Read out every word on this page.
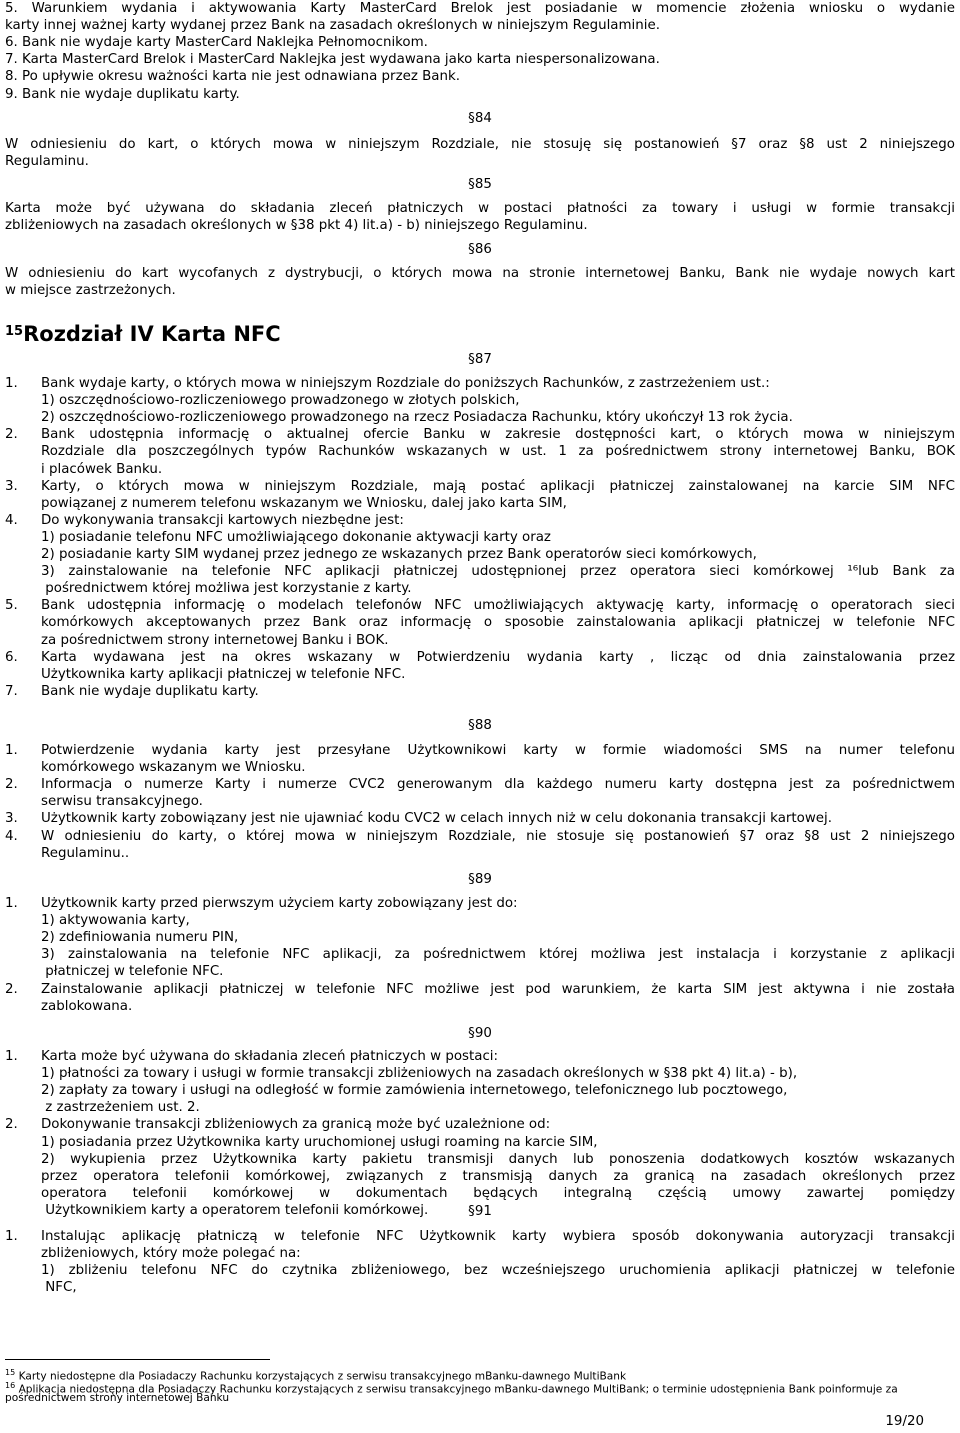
5. Warunkiem wydania i aktywowania Karty MasterCard Brelok jest posiadanie w momencie złożenia wniosku o wydanie
karty innej ważnej karty wydanej przez Bank na zasadach określonych w niniejszym Regulaminie.
6. Bank nie wydaje karty MasterCard Naklejka Pełnomocnikom.
7. Karta MasterCard Brelok i MasterCard Naklejka jest wydawana jako karta niespersonalizowana.
8. Po upływie okresu ważności karta nie jest odnawiana przez Bank.
9. Bank nie wydaje duplikatu karty.
§84
W odniesieniu do kart, o których mowa w niniejszym Rozdziale, nie stosuję się postanowień §7 oraz §8 ust 2 niniejszego
Regulaminu.
§85
Karta może być używana do składania zleceń płatniczych w postaci płatności za towary i usługi w formie transakcji
zbliżeniowych na zasadach określonych w §38 pkt 4) lit.a) - b) niniejszego Regulaminu.
§86
W odniesieniu do kart wycofanych z dystrybucji, o których mowa na stronie internetowej Banku, Bank nie wydaje nowych kart
w miejsce zastrzeżonych.
$^{15}$Rozdział IV Karta NFC
§87
1. Bank wydaje karty, o których mowa w niniejszym Rozdziale do poniższych Rachunków, z zastrzeżeniem ust.:
1) oszczędnościowo-rozliczeniowego prowadzonego w złotych polskich,
2) oszczędnościowo-rozliczeniowego prowadzonego na rzecz Posiadacza Rachunku, który ukończył 13 rok życia.
2.	Bank udostępnia informację o aktualnej ofercie Banku w zakresie dostępności kart, o których mowa w niniejszym
Rozdziale dla poszczególnych typów Rachunków wskazanych w ust. 1 za pośrednictwem strony internetowej Banku, BOK
i placówek Banku.
3.	Karty, o których mowa w niniejszym Rozdziale, mają postać aplikacji płatniczej zainstalowanej na karcie SIM NFC
powiązanej z numerem telefonu wskazanym we Wniosku, dalej jako karta SIM,
4. Do wykonywania transakcji kartowych niezbędne jest:
1) posiadanie telefonu NFC umożliwiającego dokonanie aktywacji karty oraz
2) posiadanie karty SIM wydanej przez jednego ze wskazanych przez Bank operatorów sieci komórkowych,
3) zainstalowanie na telefonie NFC aplikacji płatniczej udostępnionej przez operatora sieci komórkowej ¹⁶lub Bank za
pośrednictwem której możliwa jest korzystanie z karty.
5.	Bank udostępnia informację o modelach telefonów NFC umożliwiających aktywację karty, informację o operatorach sieci
komórkowych akceptowanych przez Bank oraz informację o sposobie zainstalowania aplikacji płatniczej w telefonie NFC
za pośrednictwem strony internetowej Banku i BOK.
6.	Karta wydawana jest na okres wskazany w Potwierdzeniu wydania karty , licząc od dnia zainstalowania przez
Użytkownika karty aplikacji płatniczej w telefonie NFC.
7. Bank nie wydaje duplikatu karty.
§88
1.	Potwierdzenie wydania karty jest przesyłane Użytkownikowi karty w formie wiadomości SMS na numer telefonu
komórkowego wskazanym we Wniosku.
2.	Informacja o numerze Karty i numerze CVC2 generowanym dla każdego numeru karty dostępna jest za pośrednictwem
serwisu transakcyjnego.
3. Użytkownik karty zobowiązany jest nie ujawniać kodu CVC2 w celach innych niż w celu dokonania transakcji kartowej.
4.	W odniesieniu do karty, o której mowa w niniejszym Rozdziale, nie stosuje się postanowień §7 oraz §8 ust 2 niniejszego
Regulaminu..
§89
1. Użytkownik karty przed pierwszym użyciem karty zobowiązany jest do:
1) aktywowania karty,
2) zdefiniowania numeru PIN,
3) zainstalowania na telefonie NFC aplikacji, za pośrednictwem której możliwa jest instalacja i korzystanie z aplikacji
płatniczej w telefonie NFC.
2.	Zainstalowanie aplikacji płatniczej w telefonie NFC możliwe jest pod warunkiem, że karta SIM jest aktywna i nie została
zablokowana.
§90
1. Karta może być używana do składania zleceń płatniczych w postaci:
1) płatności za towary i usługi w formie transakcji zbliżeniowych na zasadach określonych w §38 pkt 4) lit.a) - b),
2) zapłaty za towary i usługi na odległość w formie zamówienia internetowego, telefonicznego lub pocztowego,
z zastrzeżeniem ust. 2.
2. Dokonywanie transakcji zbliżeniowych za granicą może być uzależnione od:
1) posiadania przez Użytkownika karty uruchomionej usługi roaming na karcie SIM,
2) wykupienia przez Użytkownika karty pakietu transmisji danych lub ponoszenia dodatkowych kosztów wskazanych
przez operatora telefonii komórkowej, związanych z transmisją danych za granicą na zasadach określonych przez
operatora telefonii komórkowej w dokumentach będących integralną częścią umowy zawartej pomiędzy
Użytkownikiem karty a operatorem telefonii komórkowej.	§91
1.	Instalując aplikację płatniczą w telefonie NFC Użytkownik karty wybiera sposób dokonywania autoryzacji transakcji
zbliżeniowych, który może polegać na:
1) zbliżeniu telefonu NFC do czytnika zbliżeniowego, bez wcześniejszego uruchomienia aplikacji płatniczej w telefonie
NFC,
$^{15}$ Karty niedostępne dla Posiadaczy Rachunku korzystających z serwisu transakcyjnego mBanku-dawnego MultiBank
$^{16}$ Aplikacja niedostępna dla Posiadaczy Rachunku korzystających z serwisu transakcyjnego mBanku-dawnego MultiBank; o terminie udostępnienia Bank poinformuje za
pośrednictwem strony internetowej Banku
19/20
